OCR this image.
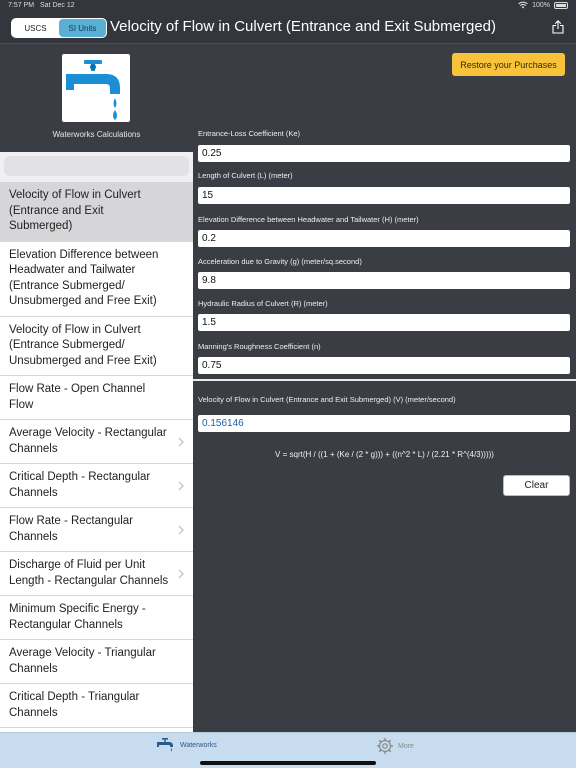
7:57 PM Sat Dec 12	100%
USCS	SI Units Velocity of Flow in Culvert (Entrance and Exit Submerged)
Waterworks Calculations
Velocity of Flow in Culvert (Entrance and Exit Submerged)
Elevation Difference between Headwater and Tailwater (Entrance Submerged/ Unsubmerged and Free Exit)
Velocity of Flow in Culvert (Entrance Submerged/ Unsubmerged and Free Exit)
Flow Rate - Open Channel Flow
Average Velocity - Rectangular Channels
Critical Depth - Rectangular Channels
Flow Rate - Rectangular Channels
Discharge of Fluid per Unit Length - Rectangular Channels
Minimum Specific Energy - Rectangular Channels
Average Velocity - Triangular Channels
Critical Depth - Triangular Channels
Restore your Purchases
Entrance-Loss Coefficient (Ke)
0.25
Length of Culvert (L) (meter)
15
Elevation Difference between Headwater and Tailwater (H) (meter)
0.2
Acceleration due to Gravity (g) (meter/sq.second)
9.8
Hydraulic Radius of Culvert (R) (meter)
1.5
Manning's Roughness Coefficient (n)
0.75
Velocity of Flow in Culvert (Entrance and Exit Submerged) (V) (meter/second)
0.156146
V = sqrt(H / ((1 + (Ke / (2 * g))) + ((n^2 * L) / (2.21 * R^(4/3)))))
Clear
Waterworks	More
